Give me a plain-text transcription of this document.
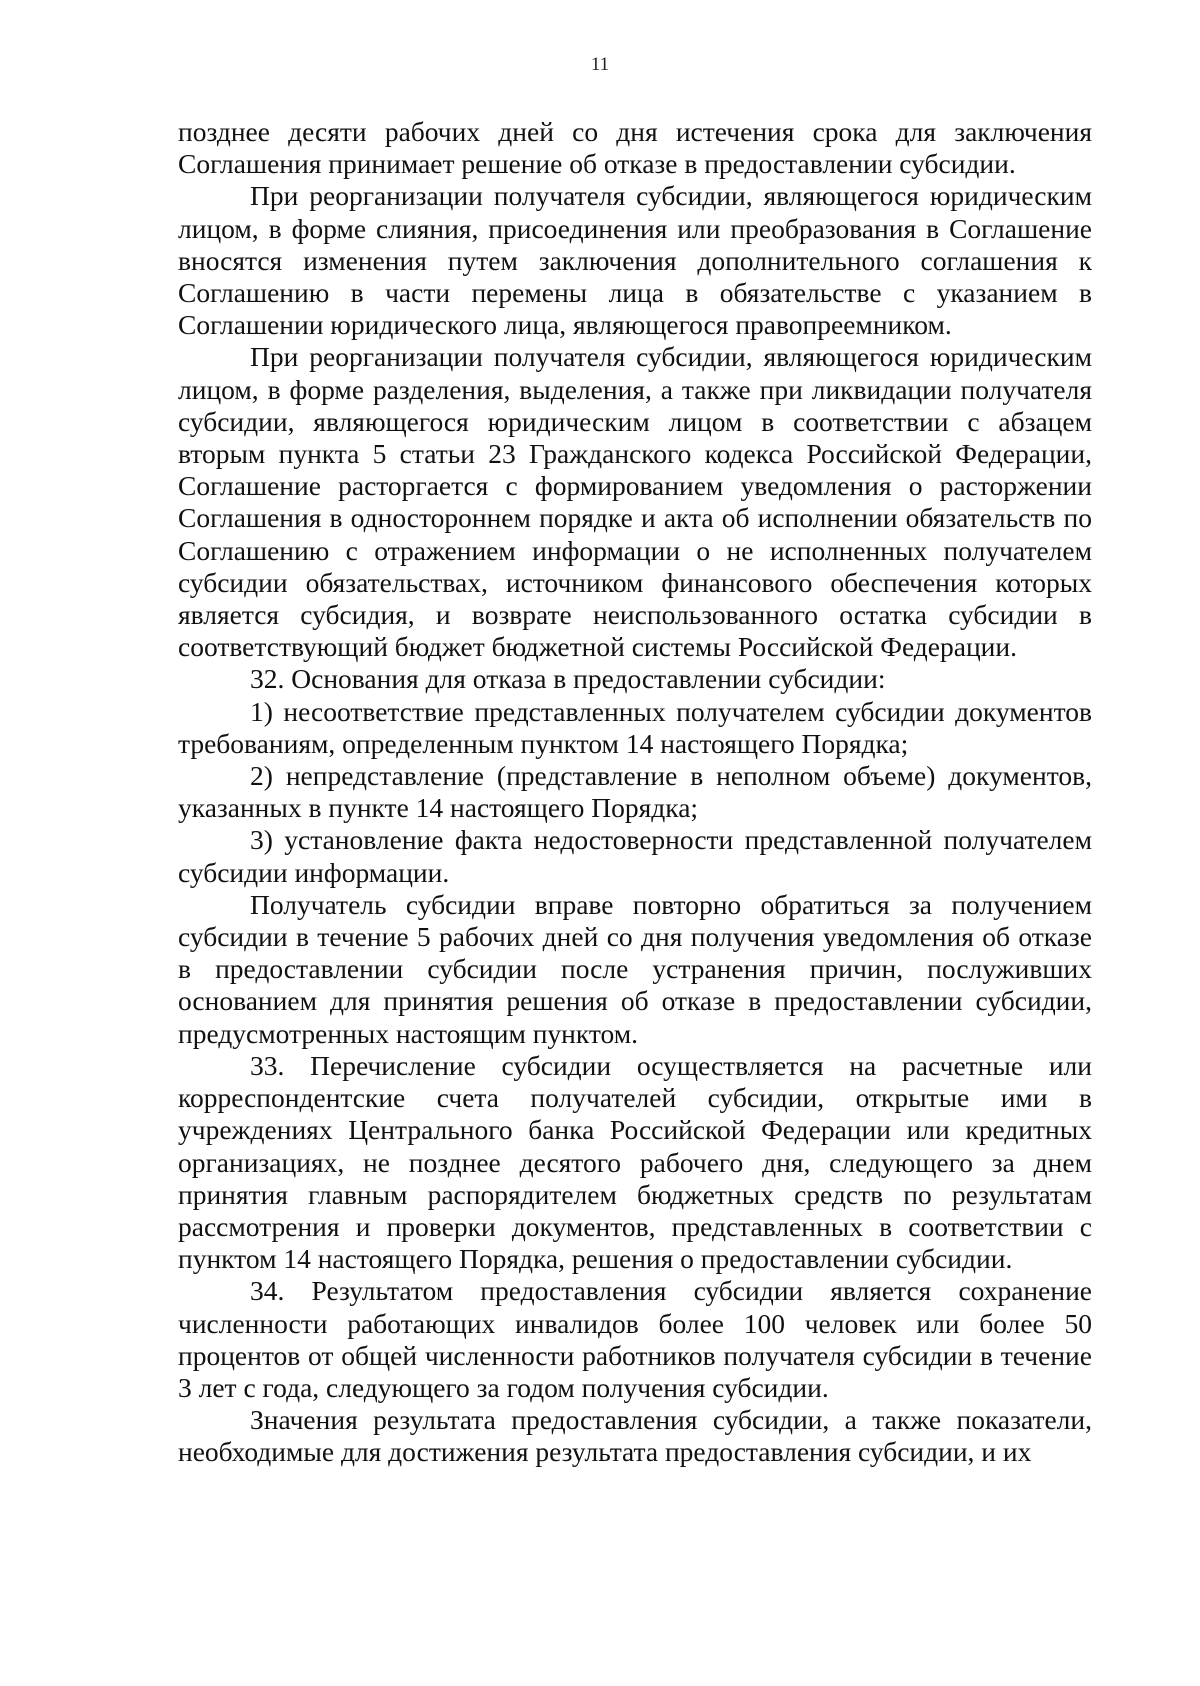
11

позднее десяти рабочих дней со дня истечения срока для заключения Соглашения принимает решение об отказе в предоставлении субсидии.

При реорганизации получателя субсидии, являющегося юридическим лицом, в форме слияния, присоединения или преобразования в Соглашение вносятся изменения путем заключения дополнительного соглашения к Соглашению в части перемены лица в обязательстве с указанием в Соглашении юридического лица, являющегося правопреемником.

При реорганизации получателя субсидии, являющегося юридическим лицом, в форме разделения, выделения, а также при ликвидации получателя субсидии, являющегося юридическим лицом в соответствии с абзацем вторым пункта 5 статьи 23 Гражданского кодекса Российской Федерации, Соглашение расторгается с формированием уведомления о расторжении Соглашения в одностороннем порядке и акта об исполнении обязательств по Соглашению с отражением информации о не исполненных получателем субсидии обязательствах, источником финансового обеспечения которых является субсидия, и возврате неиспользованного остатка субсидии в соответствующий бюджет бюджетной системы Российской Федерации.

32. Основания для отказа в предоставлении субсидии:

1) несоответствие представленных получателем субсидии документов требованиям, определенным пунктом 14 настоящего Порядка;

2) непредставление (представление в неполном объеме) документов, указанных в пункте 14 настоящего Порядка;

3) установление факта недостоверности представленной получателем субсидии информации.

Получатель субсидии вправе повторно обратиться за получением субсидии в течение 5 рабочих дней со дня получения уведомления об отказе в предоставлении субсидии после устранения причин, послуживших основанием для принятия решения об отказе в предоставлении субсидии, предусмотренных настоящим пунктом.

33. Перечисление субсидии осуществляется на расчетные или корреспондентские счета получателей субсидии, открытые ими в учреждениях Центрального банка Российской Федерации или кредитных организациях, не позднее десятого рабочего дня, следующего за днем принятия главным распорядителем бюджетных средств по результатам рассмотрения и проверки документов, представленных в соответствии с пунктом 14 настоящего Порядка, решения о предоставлении субсидии.

34. Результатом предоставления субсидии является сохранение численности работающих инвалидов более 100 человек или более 50 процентов от общей численности работников получателя субсидии в течение 3 лет с года, следующего за годом получения субсидии.

Значения результата предоставления субсидии, а также показатели, необходимые для достижения результата предоставления субсидии, и их
